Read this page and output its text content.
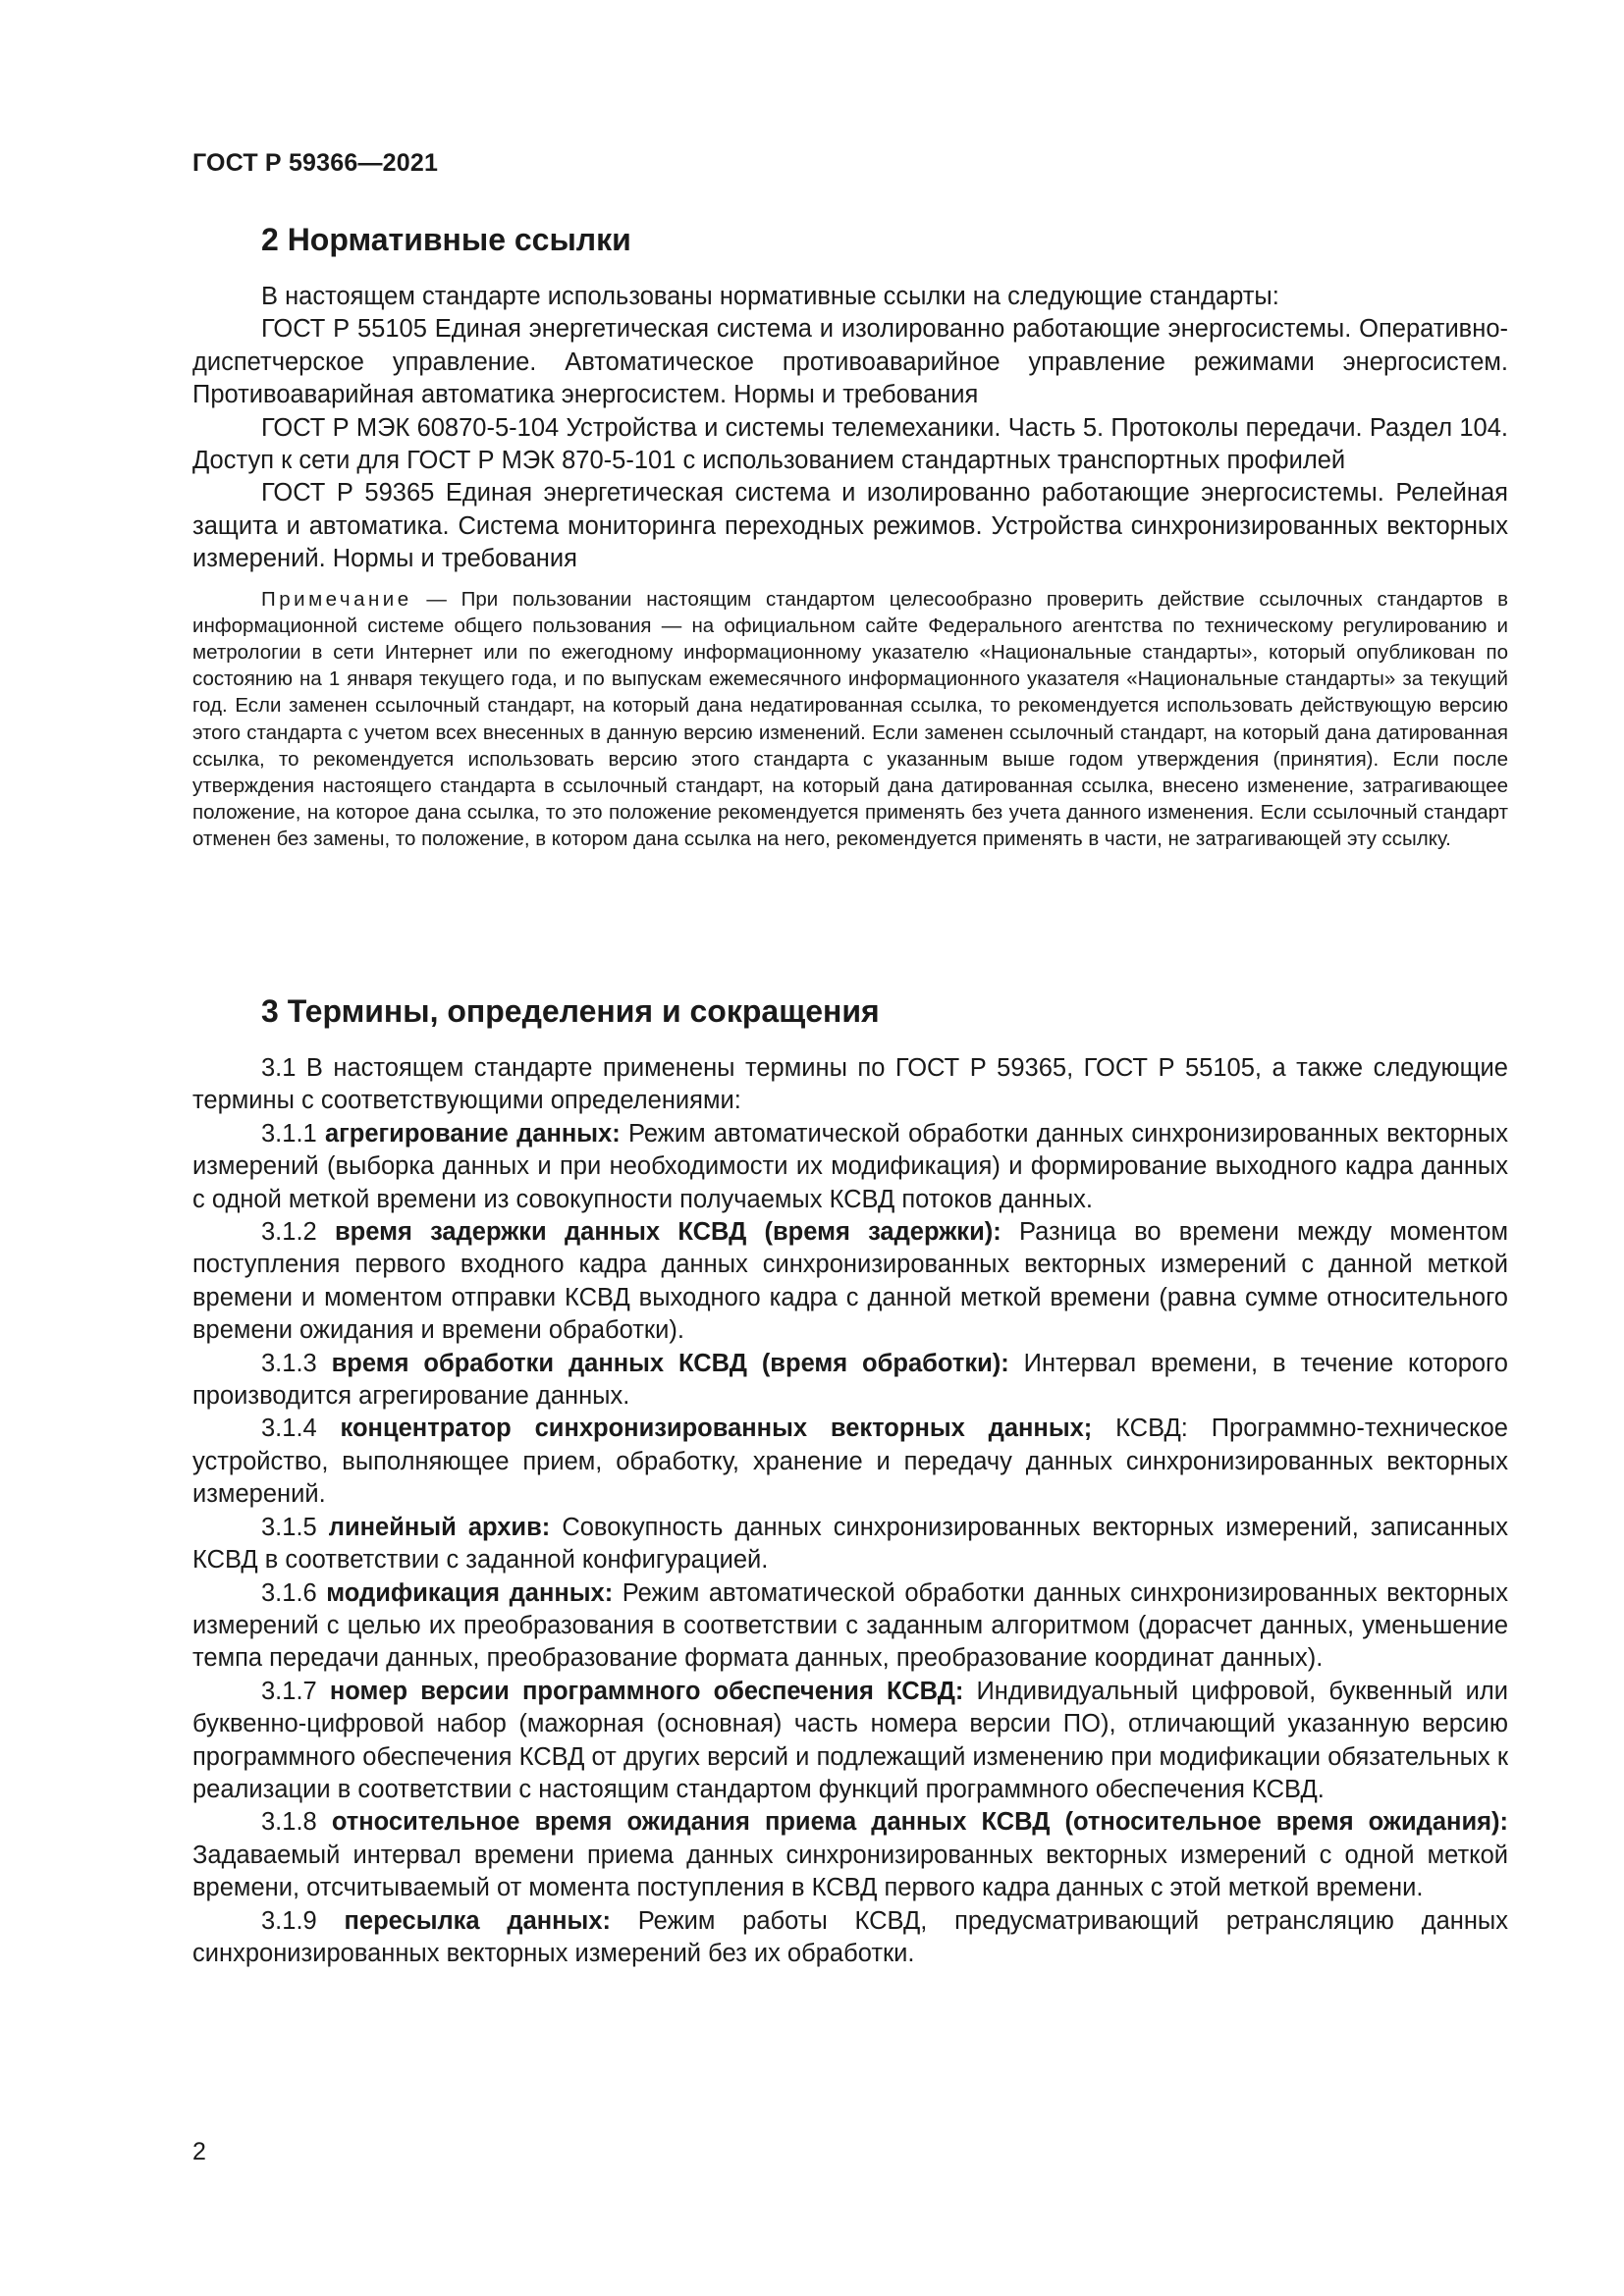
ГОСТ Р 59366—2021
2 Нормативные ссылки

В настоящем стандарте использованы нормативные ссылки на следующие стандарты:

ГОСТ Р 55105 Единая энергетическая система и изолированно работающие энергосистемы. Оперативно-диспетчерское управление. Автоматическое противоаварийное управление режимами энергосистем. Противоаварийная автоматика энергосистем. Нормы и требования

ГОСТ Р МЭК 60870-5-104 Устройства и системы телемеханики. Часть 5. Протоколы передачи. Раздел 104. Доступ к сети для ГОСТ Р МЭК 870-5-101 с использованием стандартных транспортных профилей

ГОСТ Р 59365 Единая энергетическая система и изолированно работающие энергосистемы. Релейная защита и автоматика. Система мониторинга переходных режимов. Устройства синхронизированных векторных измерений. Нормы и требования

Примечание — При пользовании настоящим стандартом целесообразно проверить действие ссылочных стандартов в информационной системе общего пользования — на официальном сайте Федерального агентства по техническому регулированию и метрологии в сети Интернет или по ежегодному информационному указателю «Национальные стандарты», который опубликован по состоянию на 1 января текущего года, и по выпускам ежемесячного информационного указателя «Национальные стандарты» за текущий год. Если заменен ссылочный стандарт, на который дана недатированная ссылка, то рекомендуется использовать действующую версию этого стандарта с учетом всех внесенных в данную версию изменений. Если заменен ссылочный стандарт, на который дана датированная ссылка, то рекомендуется использовать версию этого стандарта с указанным выше годом утверждения (принятия). Если после утверждения настоящего стандарта в ссылочный стандарт, на который дана датированная ссылка, внесено изменение, затрагивающее положение, на которое дана ссылка, то это положение рекомендуется применять без учета данного изменения. Если ссылочный стандарт отменен без замены, то положение, в котором дана ссылка на него, рекомендуется применять в части, не затрагивающей эту ссылку.

3 Термины, определения и сокращения

3.1 В настоящем стандарте применены термины по ГОСТ Р 59365, ГОСТ Р 55105, а также следующие термины с соответствующими определениями:

3.1.1 агрегирование данных: Режим автоматической обработки данных синхронизированных векторных измерений (выборка данных и при необходимости их модификация) и формирование выходного кадра данных с одной меткой времени из совокупности получаемых КСВД потоков данных.

3.1.2 время задержки данных КСВД (время задержки): Разница во времени между моментом поступления первого входного кадра данных синхронизированных векторных измерений с данной меткой времени и моментом отправки КСВД выходного кадра с данной меткой времени (равна сумме относительного времени ожидания и времени обработки).

3.1.3 время обработки данных КСВД (время обработки): Интервал времени, в течение которого производится агрегирование данных.

3.1.4 концентратор синхронизированных векторных данных; КСВД: Программно-техническое устройство, выполняющее прием, обработку, хранение и передачу данных синхронизированных векторных измерений.

3.1.5 линейный архив: Совокупность данных синхронизированных векторных измерений, записанных КСВД в соответствии с заданной конфигурацией.

3.1.6 модификация данных: Режим автоматической обработки данных синхронизированных векторных измерений с целью их преобразования в соответствии с заданным алгоритмом (дорасчет данных, уменьшение темпа передачи данных, преобразование формата данных, преобразование координат данных).

3.1.7 номер версии программного обеспечения КСВД: Индивидуальный цифровой, буквенный или буквенно-цифровой набор (мажорная (основная) часть номера версии ПО), отличающий указанную версию программного обеспечения КСВД от других версий и подлежащий изменению при модификации обязательных к реализации в соответствии с настоящим стандартом функций программного обеспечения КСВД.

3.1.8 относительное время ожидания приема данных КСВД (относительное время ожидания): Задаваемый интервал времени приема данных синхронизированных векторных измерений с одной меткой времени, отсчитываемый от момента поступления в КСВД первого кадра данных с этой меткой времени.

3.1.9 пересылка данных: Режим работы КСВД, предусматривающий ретрансляцию данных синхронизированных векторных измерений без их обработки.

2
